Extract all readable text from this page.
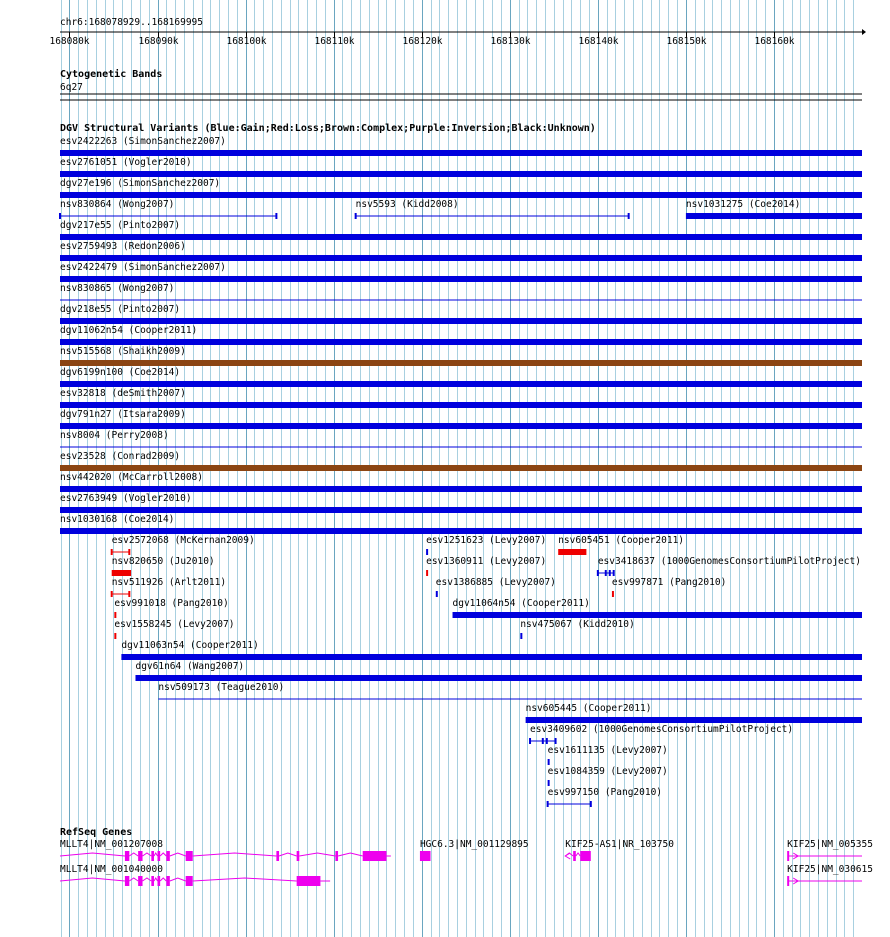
chr6:168078929..168169995
168080k	168090k	168100k	168110k	168120k	168130k	168140k	168150k	168160k
Cytogenetic Bands
6q27
DGV Structural Variants (Blue:Gain;Red:Loss;Brown:Complex;Purple:Inversion;Black:Unknown)
esv2422263 (SimonSanchez2007)
esv2761051 (Vogler2010)
dgv27e196 (SimonSanchez2007)
nsv830864 (Wong2007)	nsv5593 (Kidd2008)	nsv1031275 (Coe2014)
dgv217e55 (Pinto2007)
esv2759493 (Redon2006)
esv2422479 (SimonSanchez2007)
nsv830865 (Wong2007)
dgv218e55 (Pinto2007)
dgv11062n54 (Cooper2011)
nsv515568 (Shaikh2009)
dgv6199n100 (Coe2014)
esv32818 (deSmith2007)
dgv791n27 (Itsara2009)
nsv8004 (Perry2008)
esv23528 (Conrad2009)
nsv442020 (McCarroll2008)
esv2763949 (Vogler2010)
nsv1030168 (Coe2014)
esv2572068 (McKernan2009)	esv1251623 (Levy2007) nsv605451 (Cooper2011)
nsv820650 (Ju2010)	esv1360911 (Levy2007)	esv3418637 (1000GenomesConsortiumPilotProject)
nsv511926 (Arlt2011)	esv1386885 (Levy2007)	esv997871 (Pang2010)
esv991018 (Pang2010)	dgv11064n54 (Cooper2011)
esv1558245 (Levy2007)	nsv475067 (Kidd2010)
dgv11063n54 (Cooper2011)
dgv61n64 (Wang2007)
nsv509173 (Teague2010)
nsv605445 (Cooper2011)
esv3409602 (1000GenomesConsortiumPilotProject)
esv1611135 (Levy2007)
esv1084359 (Levy2007)
esv997150 (Pang2010)
RefSeq Genes
MLLT4|NM_001207008	HGC6.3|NM_001129895	KIF25-AS1|NR_103750	KIF25|NM_005355
MLLT4|NM_001040000	KIF25|NM_030615
